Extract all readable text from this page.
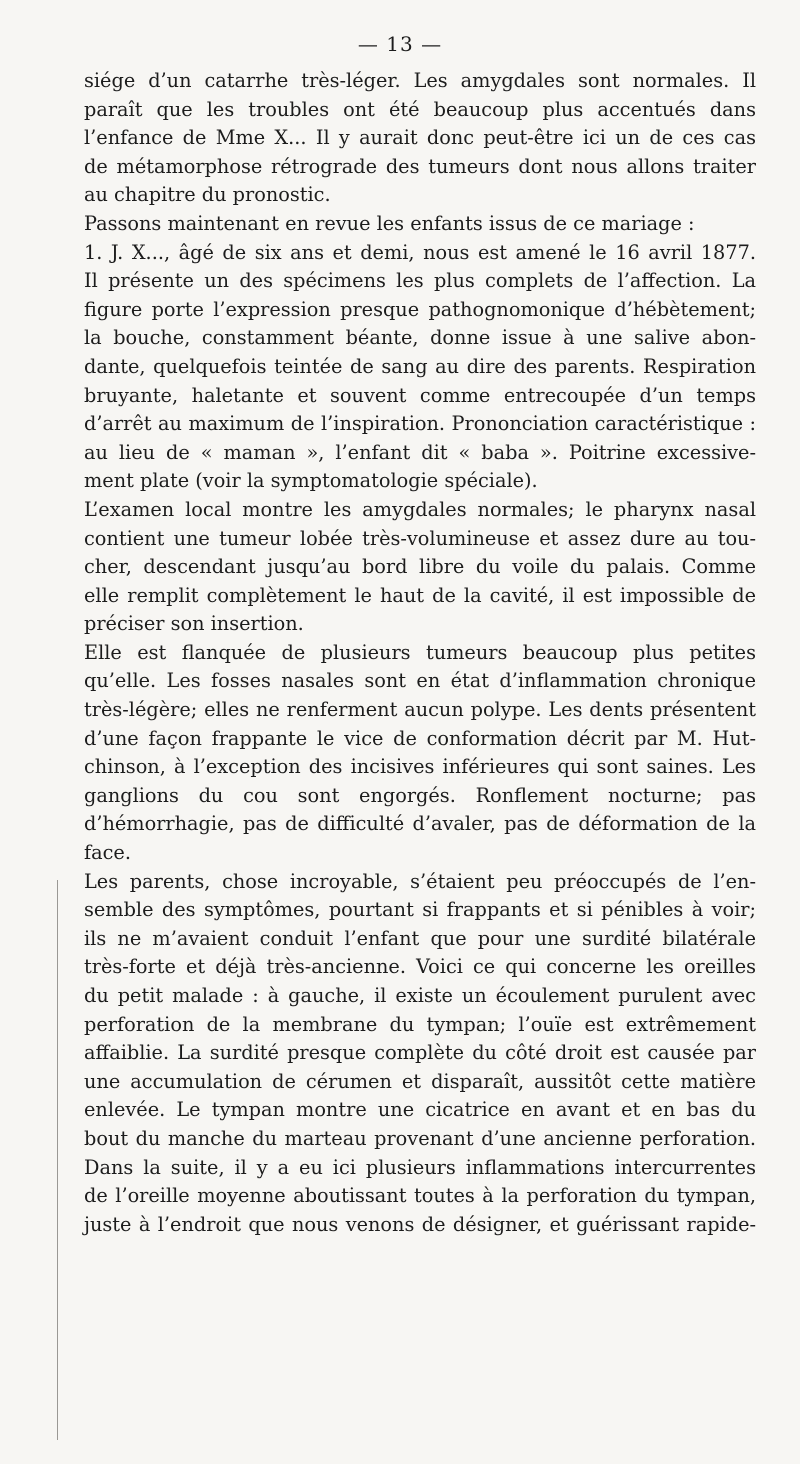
— 13 —
siége d’un catarrhe très-léger. Les amygdales sont normales. Il
paraît que les troubles ont été beaucoup plus accentués dans
l’enfance de Mme X... Il y aurait donc peut-être ici un de ces cas
de métamorphose rétrograde des tumeurs dont nous allons traiter
au chapitre du pronostic.
Passons maintenant en revue les enfants issus de ce mariage :
1. J. X..., âgé de six ans et demi, nous est amené le 16 avril 1877.
Il présente un des spécimens les plus complets de l’affection. La
figure porte l’expression presque pathognomonique d’hébètement;
la bouche, constamment béante, donne issue à une salive abon-
dante, quelquefois teintée de sang au dire des parents. Respiration
bruyante, haletante et souvent comme entrecoupée d’un temps
d’arrêt au maximum de l’inspiration. Prononciation caractéristique :
au lieu de « maman », l’enfant dit « baba ». Poitrine excessive-
ment plate (voir la symptomatologie spéciale).
L’examen local montre les amygdales normales; le pharynx nasal
contient une tumeur lobée très-volumineuse et assez dure au tou-
cher, descendant jusqu’au bord libre du voile du palais. Comme
elle remplit complètement le haut de la cavité, il est impossible de
préciser son insertion.
Elle est flanquée de plusieurs tumeurs beaucoup plus petites
qu’elle. Les fosses nasales sont en état d’inflammation chronique
très-légère; elles ne renferment aucun polype. Les dents présentent
d’une façon frappante le vice de conformation décrit par M. Hut-
chinson, à l’exception des incisives inférieures qui sont saines. Les
ganglions du cou sont engorgés. Ronflement nocturne; pas
d’hémorrhagie, pas de difficulté d’avaler, pas de déformation de la
face.
Les parents, chose incroyable, s’étaient peu préoccupés de l’en-
semble des symptômes, pourtant si frappants et si pénibles à voir;
ils ne m’avaient conduit l’enfant que pour une surdité bilatérale
très-forte et déjà très-ancienne. Voici ce qui concerne les oreilles
du petit malade : à gauche, il existe un écoulement purulent avec
perforation de la membrane du tympan; l’ouïe est extrêmement
affaiblie. La surdité presque complète du côté droit est causée par
une accumulation de cérumen et disparaît, aussitôt cette matière
enlevée. Le tympan montre une cicatrice en avant et en bas du
bout du manche du marteau provenant d’une ancienne perforation.
Dans la suite, il y a eu ici plusieurs inflammations intercurrentes
de l’oreille moyenne aboutissant toutes à la perforation du tympan,
juste à l’endroit que nous venons de désigner, et guérissant rapide-
